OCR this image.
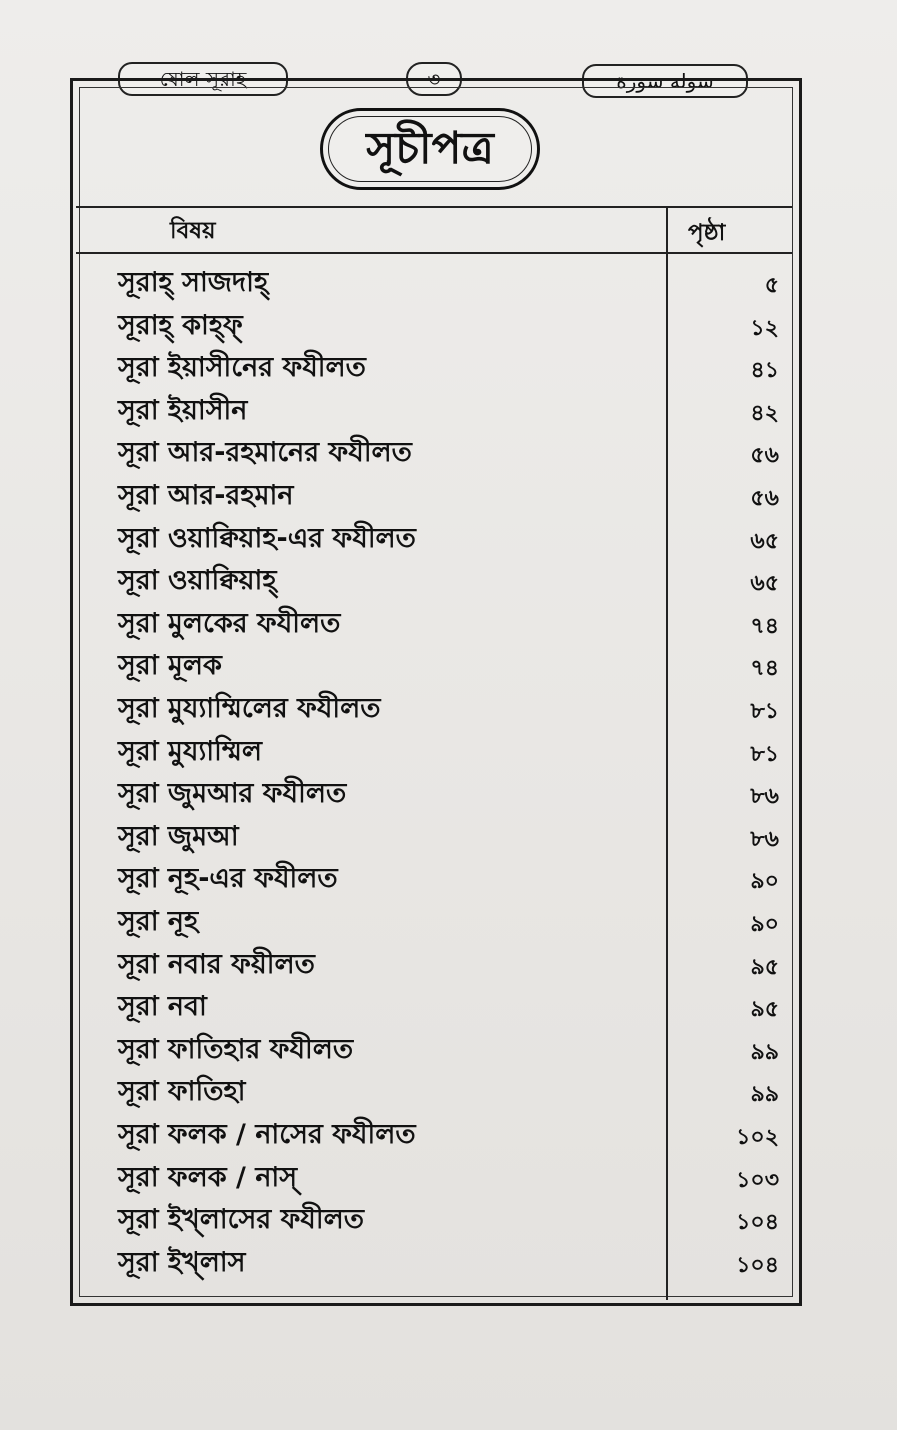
ষোল সূরাহ	৩	سوله سورة
সূচীপত্র
বিষয়	পৃষ্ঠা
সূরাহ্ সাজদাহ্	৫
সূরাহ্ কাহ্ফ্	১২
সূরা ইয়াসীনের ফযীলত	৪১
সূরা ইয়াসীন	৪২
সূরা আর-রহমানের ফযীলত	৫৬
সূরা আর-রহমান	৫৬
সূরা ওয়াক্বিয়াহ-এর ফযীলত	৬৫
সূরা ওয়াক্বিয়াহ্	৬৫
সূরা মুলকের ফযীলত	৭৪
সূরা মূলক	৭৪
সূরা মুয্যাম্মিলের ফযীলত	৮১
সূরা মুয্যাম্মিল	৮১
সূরা জুমআর ফযীলত	৮৬
সূরা জুমআ	৮৬
সূরা নূহ-এর ফযীলত	৯০
সূরা নূহ	৯০
সূরা নবার ফয়ীলত	৯৫
সূরা নবা	৯৫
সূরা ফাতিহার ফযীলত	৯৯
সূরা ফাতিহা	৯৯
সূরা ফলক / নাসের ফযীলত	১০২
সূরা ফলক / নাস্	১০৩
সূরা ইখ্লাসের ফযীলত	১০৪
সূরা ইখ্লাস	১০৪
